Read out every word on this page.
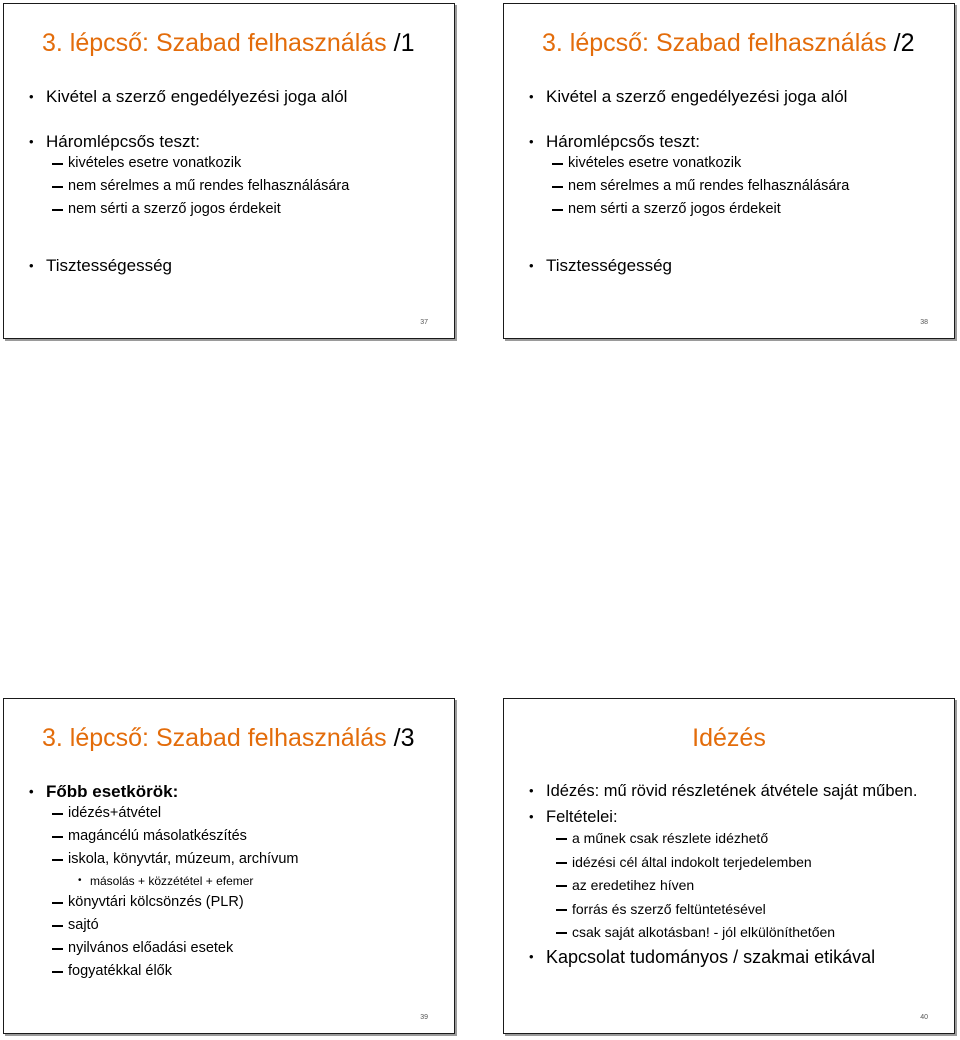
3. lépcső: Szabad felhasználás /1

• Kivétel a szerző engedélyezési joga alól

• Háromlépcsős teszt:

kivételes esetre vonatkozik

nem sérelmes a mű rendes felhasználására

nem sérti a szerző jogos érdekeit

• Tisztességesség

37
3. lépcső: Szabad felhasználás /2

• Kivétel a szerző engedélyezési joga alól

• Háromlépcsős teszt:

kivételes esetre vonatkozik

nem sérelmes a mű rendes felhasználására

nem sérti a szerző jogos érdekeit

• Tisztességesség

38
3. lépcső: Szabad felhasználás /3

• Főbb esetkörök:

idézés+átvétel

magáncélú másolatkészítés

iskola, könyvtár, múzeum, archívum

• másolás + közzététel + efemer

könyvtári kölcsönzés (PLR)

sajtó

nyilvános előadási esetek

fogyatékkal élők

39
Idézés

• Idézés: mű rövid részletének átvétele saját műben.

• Feltételei:

a műnek csak részlete idézhető

idézési cél által indokolt terjedelemben

az eredetihez híven

forrás és szerző feltüntetésével

csak saját alkotásban! - jól elkülöníthetően

• Kapcsolat tudományos / szakmai etikával

40
